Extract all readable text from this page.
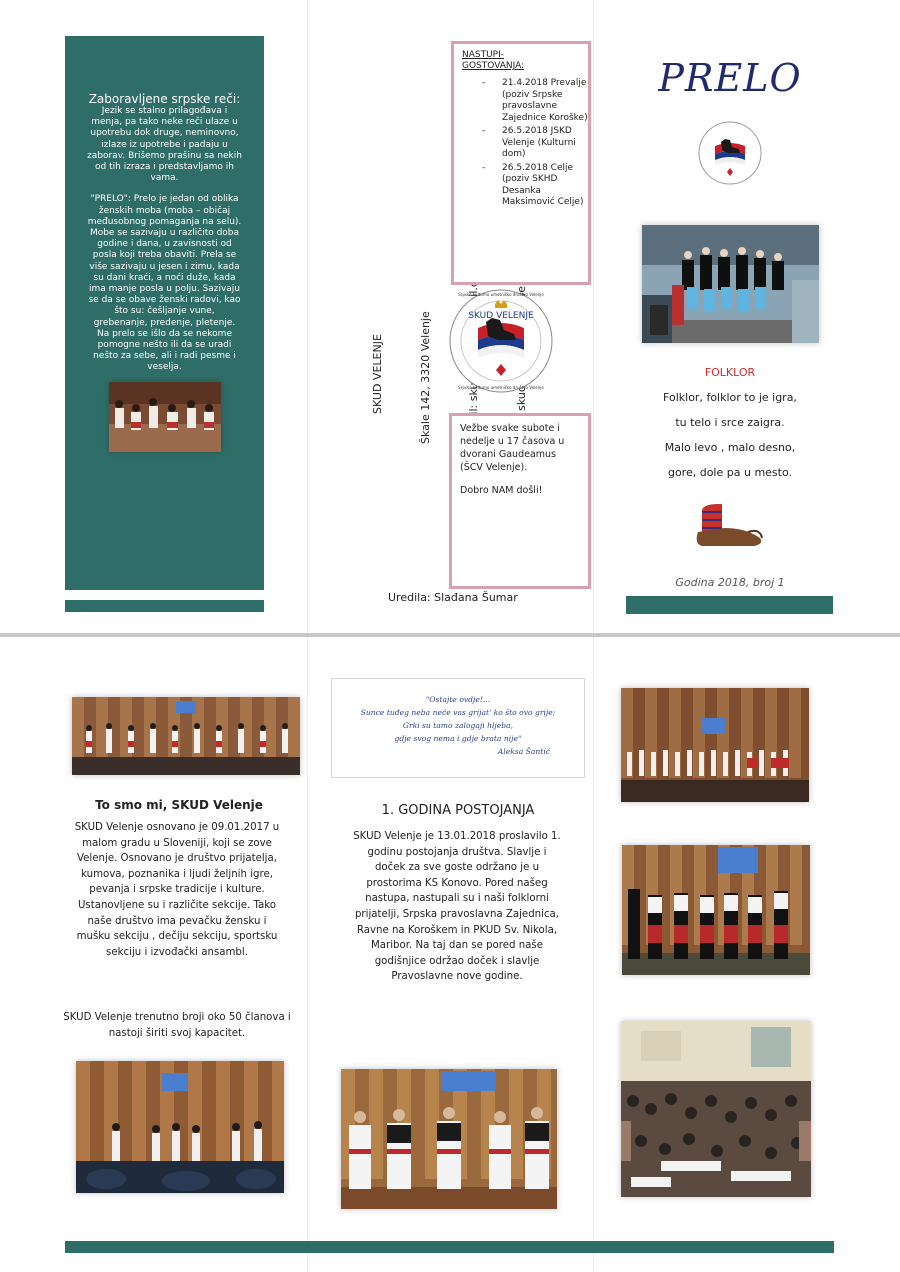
Zaboravljene srpske reči:

Jezik se stalno prilagođava i menja, pa tako neke reči ulaze u upotrebu dok druge, neminovno, izlaze iz upotrebe i padaju u zaborav. Brišemo prašinu sa nekih od tih izraza i predstavljamo ih vama.

"PRELO": Prelo je jedan od oblika ženskih moba (moba – običaj međusobnog pomaganja na selu). Mobe se sazivaju u različito doba godine i dana, u zavisnosti od posla koji treba obaviti. Prela se više sazivaju u jesen i zimu, kada su dani kraći, a noći duže, kada ima manje posla u polju. Sazivaju se da se obave ženski radovi, kao što su: češljanje vune, grebenanje, predenje, pletenje. Na prelo se išlo da se nekome pomogne nešto ili da se uradi nešto za sebe, ali i radi pesme i veselja.

	SKUD VELENJE

	Škale 142, 3320 Velenje

NASTUPI-GOSTOVANJA:
- 21.4.2018 Prevalje (poziv Srpske pravoslavne Zajednice Koroške)
- 26.5.2018 JSKD Velenje (Kulturni dom)
- 26.5.2018 Celje (poziv SKHD Desanka Maksimović Celje)
SKUD VELENJE
Srpsko kulturno umetničko društvo Velenje
Srpsko kulturno umetničko društvo Velenje

Vežbe svake subote i nedelje u 17 časova u dvorani Gaudeamus (ŠCV Velenje).

Dobro NAM došli!

Uredila: Slađana Šumar
PRELO
FOLKLOR
Folklor, folklor to je igra,
tu telo i srce zaigra.
Malo levo , malo desno,
gore, dole pa u mesto.
Godina 2018, broj 1
To smo mi, SKUD Velenje
SKUD Velenje osnovano je 09.01.2017 u malom gradu u Sloveniji, koji se zove Velenje. Osnovano je društvo prijatelja, kumova, poznanika i ljudi željnih igre, pevanja i srpske tradicije i kulture. Ustanovljene su i različite sekcije. Tako naše društvo ima pevačku žensku i mušku sekciju , dečiju sekciju, sportsku sekciju i izvođački ansambl.
SKUD Velenje trenutno broji oko 50 članova i nastoji širiti svoj kapacitet.
"Ostajte ovdje!...
Sunce tuđeg neba neće vas grijat' ko što ovo grije;
Grki su tamo zalogaji hljeba,
gdje svog nema i gdje brata nije"
Aleksa Šantić
1. GODINA POSTOJANJA
SKUD Velenje je 13.01.2018 proslavilo 1. godinu postojanja društva. Slavlje i doček za sve goste održano je u prostorima KS Konovo. Pored našeg nastupa, nastupali su i naši folklorni prijatelji, Srpska pravoslavna Zajednica, Ravne na Koroškem in PKUD Sv. Nikola, Maribor. Na taj dan se pored naše godišnjice održao doček i slavlje Pravoslavne nove godine.
